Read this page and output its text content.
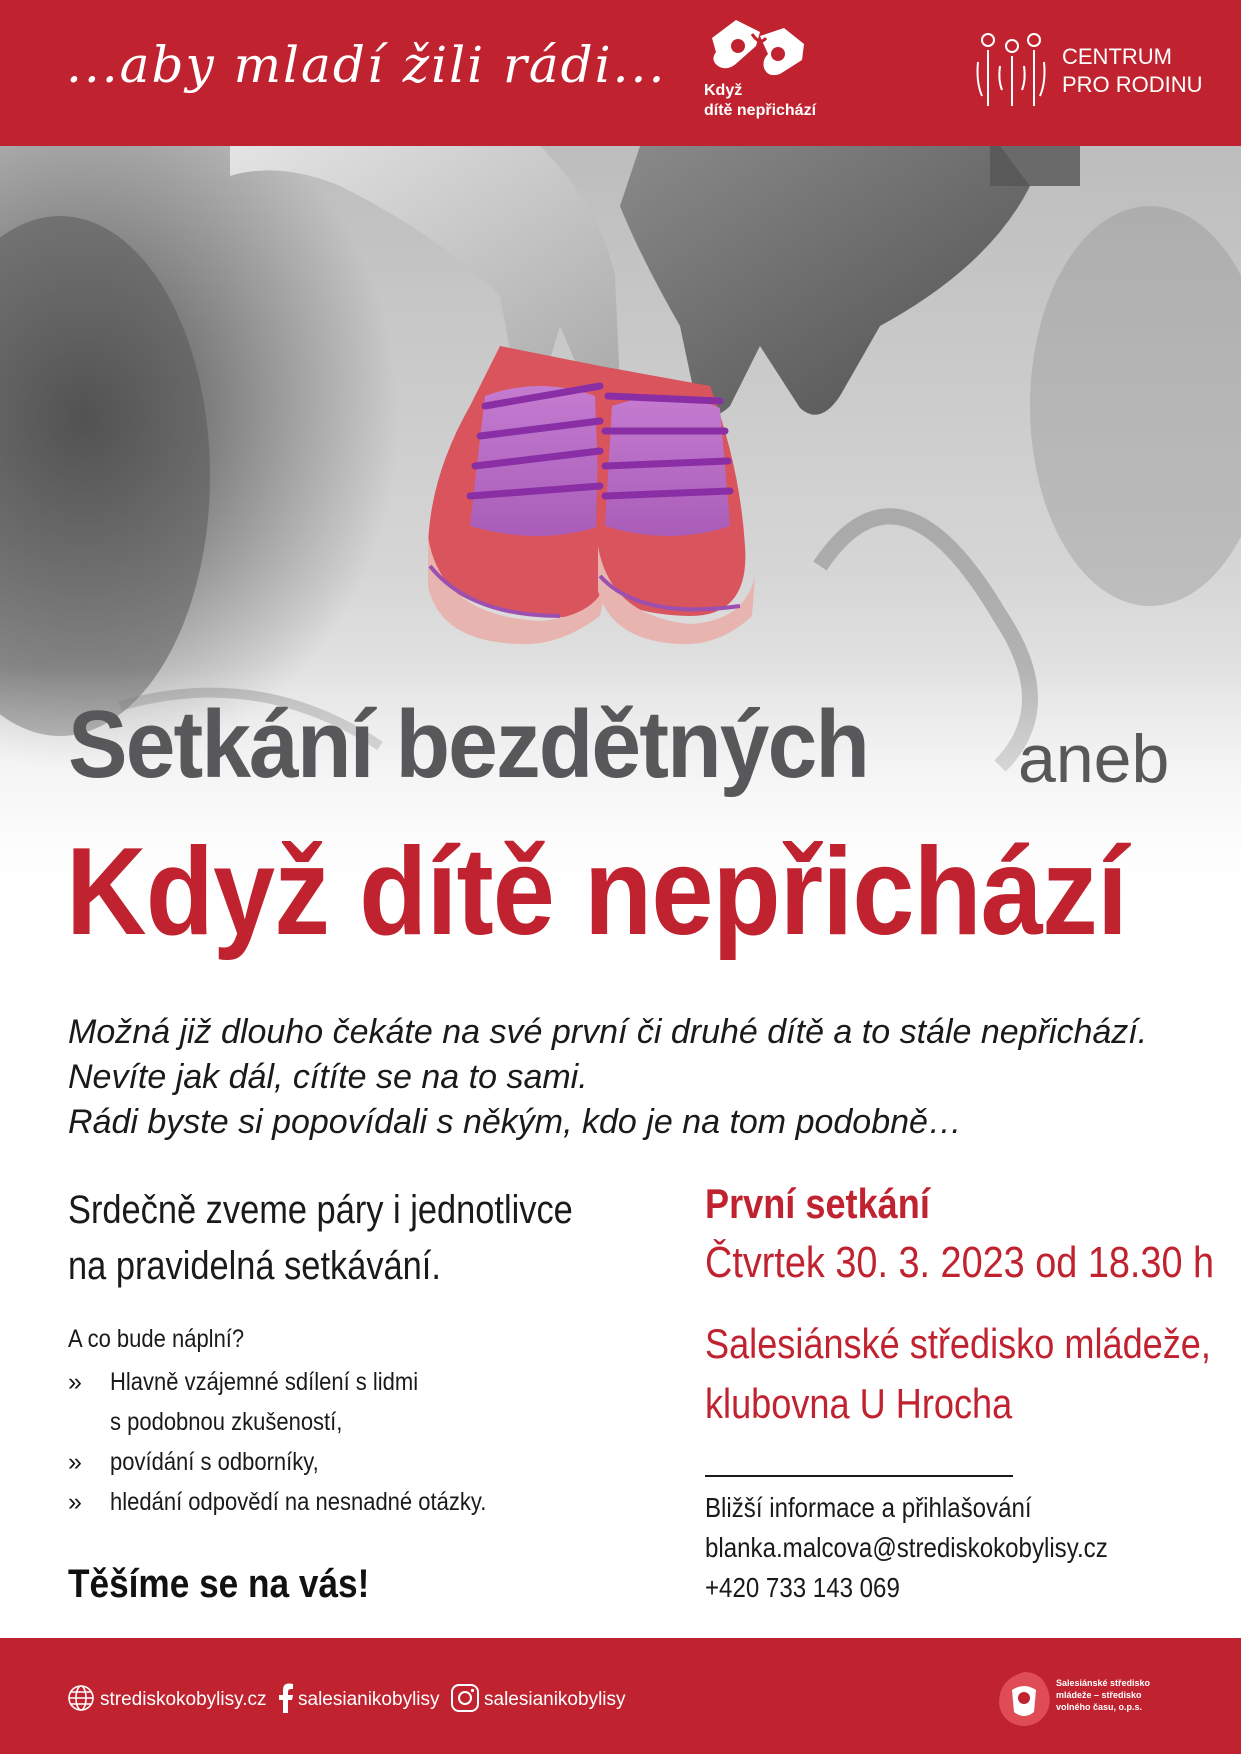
...aby mladí žili rádi... Když
dítě nepřichází
CENTRUM
PRO RODINU
Setkání bezdětných aneb
Když dítě nepřichází
Možná již dlouho čekáte na své první či druhé dítě a to stále nepřichází.
Nevíte jak dál, cítíte se na to sami.
Rádi byste si popovídali s někým, kdo je na tom podobně…
Srdečně zveme páry i jednotlivce
na pravidelná setkávání.
A co bude náplní?
» Hlavně vzájemné sdílení s lidmi
s podobnou zkušeností,
» povídání s odborníky,
» hledání odpovědí na nesnadné otázky.
Těšíme se na vás!
První setkání
Čtvrtek 30. 3. 2023 od 18.30 h
Salesiánské středisko mládeže,
klubovna U Hrocha
Bližší informace a přihlašování
blanka.malcova@strediskokobylisy.cz
+420 733 143 069
strediskokobylisy.cz salesianikobylisy salesianikobylisy
Salesiánské středisko
mládeže – středisko
volného času, o.p.s.
